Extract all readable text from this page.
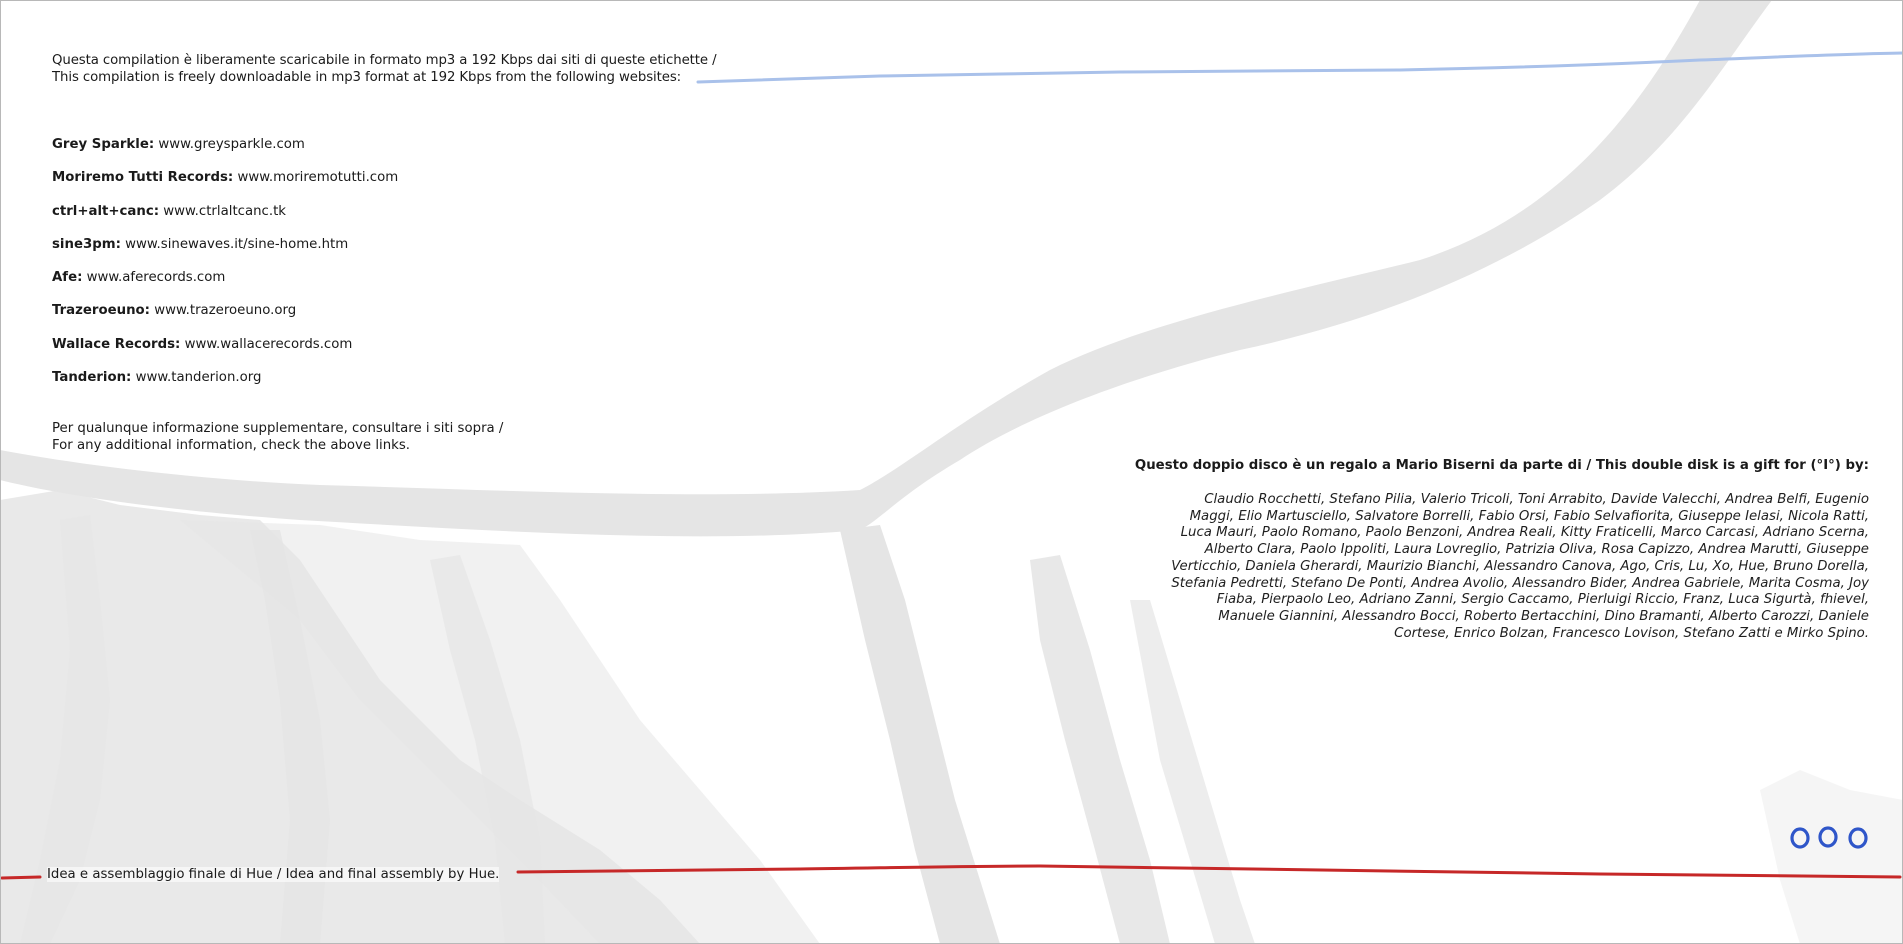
Questa compilation è liberamente scaricabile in formato mp3 a 192 Kbps dai siti di queste etichette /
This compilation is freely downloadable in mp3 format at 192 Kbps from the following websites:
Grey Sparkle: www.greysparkle.com
Moriremo Tutti Records: www.moriremotutti.com
ctrl+alt+canc: www.ctrlaltcanc.tk
sine3pm: www.sinewaves.it/sine-home.htm
Afe: www.aferecords.com
Trazeroeuno: www.trazeroeuno.org
Wallace Records: www.wallacerecords.com
Tanderion: www.tanderion.org
Per qualunque informazione supplementare, consultare i siti sopra /
For any additional information, check the above links.
Questo doppio disco è un regalo a Mario Biserni da parte di / This double disk is a gift for (°I°) by:
Claudio Rocchetti, Stefano Pilia, Valerio Tricoli, Toni Arrabito, Davide Valecchi, Andrea Belfi, Eugenio Maggi, Elio Martusciello, Salvatore Borrelli, Fabio Orsi, Fabio Selvafiorita, Giuseppe Ielasi, Nicola Ratti, Luca Mauri, Paolo Romano, Paolo Benzoni, Andrea Reali, Kitty Fraticelli, Marco Carcasi, Adriano Scerna, Alberto Clara, Paolo Ippoliti, Laura Lovreglio, Patrizia Oliva, Rosa Capizzo, Andrea Marutti, Giuseppe Verticchio, Daniela Gherardi, Maurizio Bianchi, Alessandro Canova, Ago, Cris, Lu, Xo, Hue, Bruno Dorella, Stefania Pedretti, Stefano De Ponti, Andrea Avolio, Alessandro Bider, Andrea Gabriele, Marita Cosma, Joy Fiaba, Pierpaolo Leo, Adriano Zanni, Sergio Caccamo, Pierluigi Riccio, Franz, Luca Sigurtà, fhievel, Manuele Giannini, Alessandro Bocci, Roberto Bertacchini, Dino Bramanti, Alberto Carozzi, Daniele Cortese, Enrico Bolzan, Francesco Lovison, Stefano Zatti e Mirko Spino.
Idea e assemblaggio finale di Hue / Idea and final assembly by Hue.
